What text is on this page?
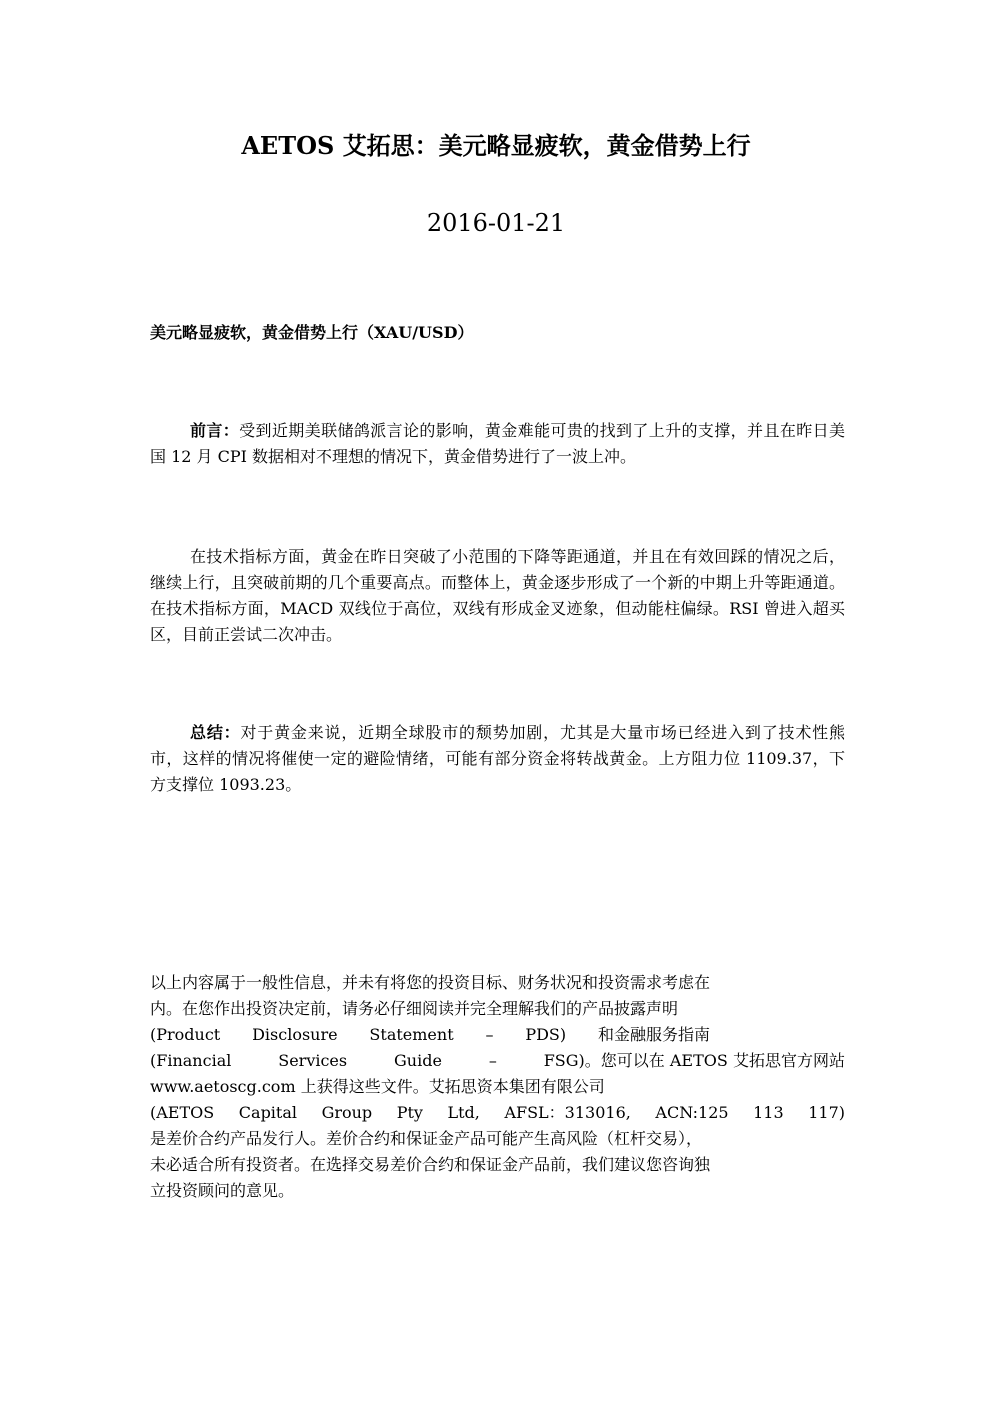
AETOS 艾拓思：美元略显疲软，黄金借势上行
2016-01-21
美元略显疲软，黄金借势上行（XAU/USD）
前言：受到近期美联储鸽派言论的影响，黄金难能可贵的找到了上升的支撑，并且在昨日美国 12 月 CPI 数据相对不理想的情况下，黄金借势进行了一波上冲。
在技术指标方面，黄金在昨日突破了小范围的下降等距通道，并且在有效回踩的情况之后，继续上行，且突破前期的几个重要高点。而整体上，黄金逐步形成了一个新的中期上升等距通道。在技术指标方面，MACD 双线位于高位，双线有形成金叉迹象，但动能柱偏绿。RSI 曾进入超买区，目前正尝试二次冲击。
总结：对于黄金来说，近期全球股市的颓势加剧，尤其是大量市场已经进入到了技术性熊市，这样的情况将催使一定的避险情绪，可能有部分资金将转战黄金。上方阻力位 1109.37，下方支撑位 1093.23。
以上内容属于一般性信息，并未有将您的投资目标、财务状况和投资需求考虑在
内。在您作出投资决定前，请务必仔细阅读并完全理解我们的产品披露声明
(Product Disclosure Statement – PDS) 和金融服务指南
(Financial	Services	Guide	–	FSG)。您可以在 AETOS 艾拓思官方网站
www.aetoscg.com 上获得这些文件。艾拓思资本集团有限公司
(AETOS Capital Group Pty Ltd, AFSL：313016, ACN:125 113 117)
是差价合约产品发行人。差价合约和保证金产品可能产生高风险（杠杆交易），
未必适合所有投资者。在选择交易差价合约和保证金产品前，我们建议您咨询独
立投资顾问的意见。
